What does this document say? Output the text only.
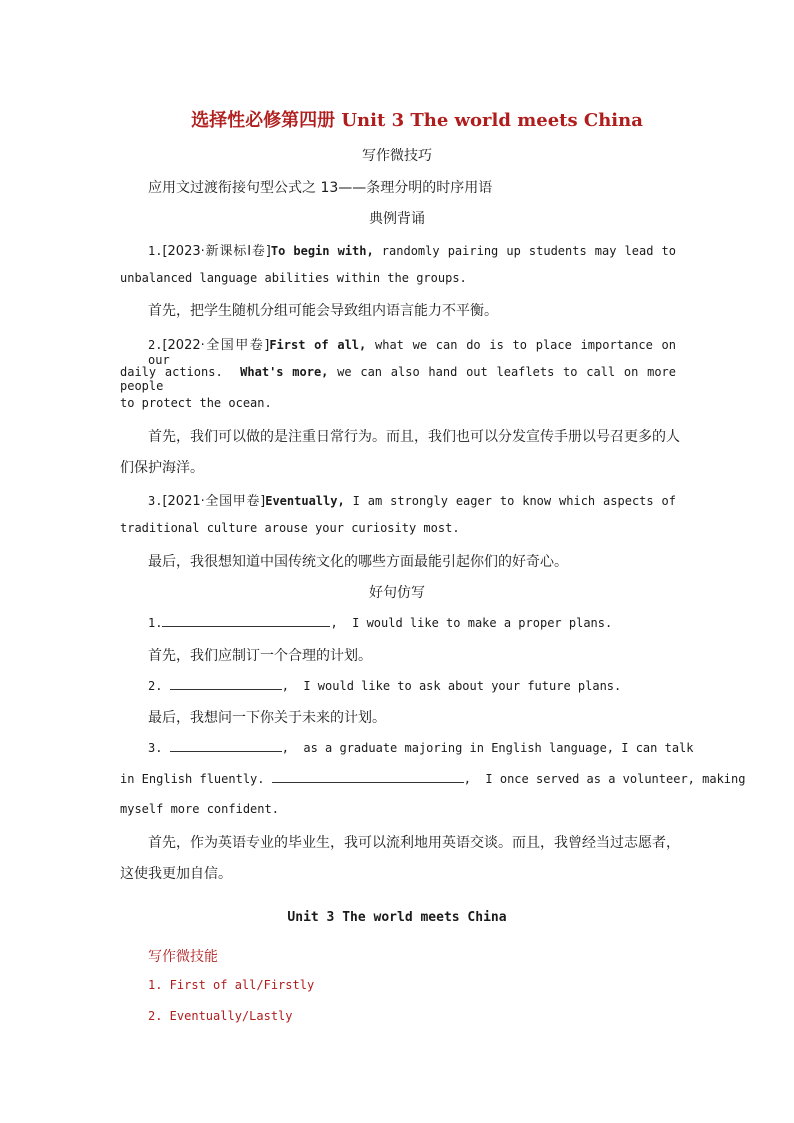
选择性必修第四册 Unit 3 The world meets China
写作微技巧
应用文过渡衔接句型公式之 13——条理分明的时序用语
典例背诵
1.[2023·新课标Ⅰ卷]To begin with, randomly pairing up students may lead to
unbalanced language abilities within the groups.
首先，把学生随机分组可能会导致组内语言能力不平衡。
2.[2022·全国甲卷]First of all, what we can do is to place importance on our
daily actions.  What's more, we can also hand out leaflets to call on more people
to protect the ocean.
首先，我们可以做的是注重日常行为。而且，我们也可以分发宣传手册以号召更多的人
们保护海洋。
3.[2021·全国甲卷]Eventually, I am strongly eager to know which aspects of
traditional culture arouse your curiosity most.
最后，我很想知道中国传统文化的哪些方面最能引起你们的好奇心。
好句仿写
1.	,  I would like to make a proper plans.
首先，我们应制订一个合理的计划。
2.	,  I would like to ask about your future plans.
最后，我想问一下你关于未来的计划。
3.	,  as a graduate majoring in English language, I can talk
in English fluently.	,  I once served as a volunteer, making
myself more confident.
首先，作为英语专业的毕业生，我可以流利地用英语交谈。而且，我曾经当过志愿者，
这使我更加自信。
Unit 3 The world meets China
写作微技能
1. First of all/Firstly
2. Eventually/Lastly
